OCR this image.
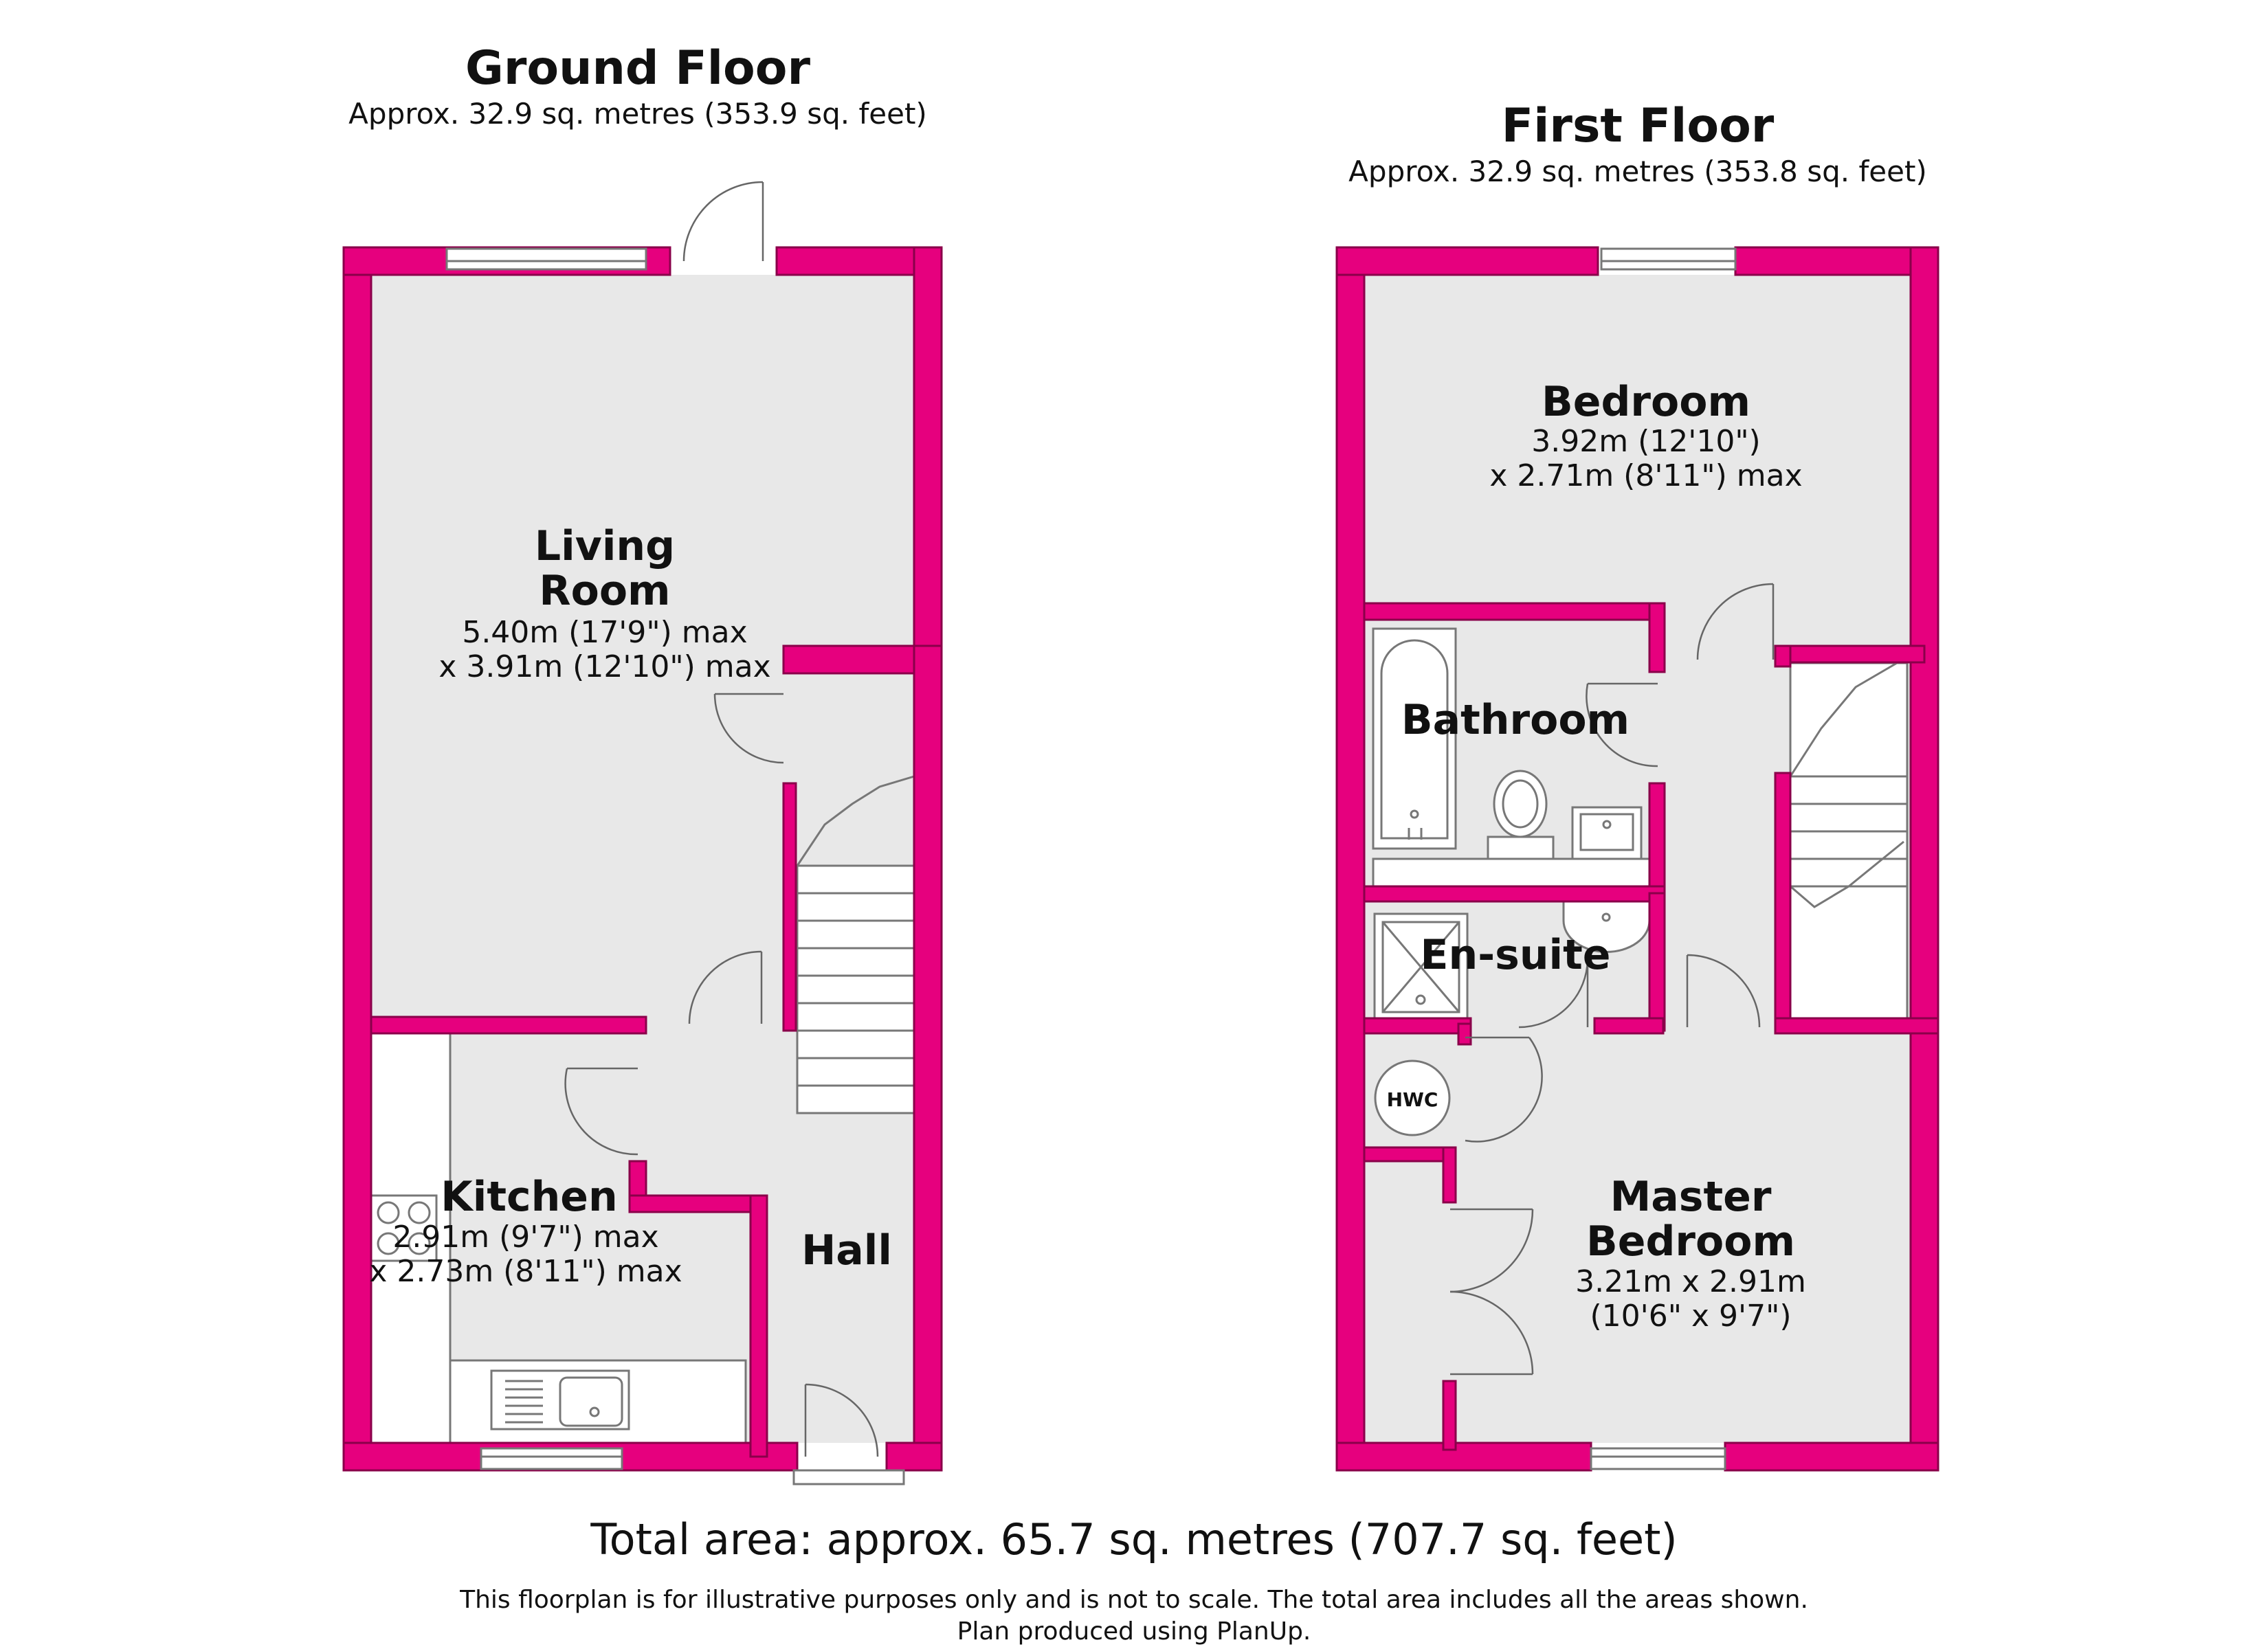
HWC
Ground Floor
Approx. 32.9 sq. metres (353.9 sq. feet)	First Floor
Approx. 32.9 sq. metres (353.8 sq. feet)
Living
Room
5.40m (17'9") max
x 3.91m (12'10") max
Kitchen
2.91m (9'7") max
x 2.73m (8'11") max	Hall
Bedroom
3.92m (12'10")
x 2.71m (8'11") max
Bathroom
En-suite
Master
Bedroom
3.21m x 2.91m
(10'6" x 9'7")
Total area: approx. 65.7 sq. metres (707.7 sq. feet)
This floorplan is for illustrative purposes only and is not to scale. The total area includes all the areas shown.
Plan produced using PlanUp.
